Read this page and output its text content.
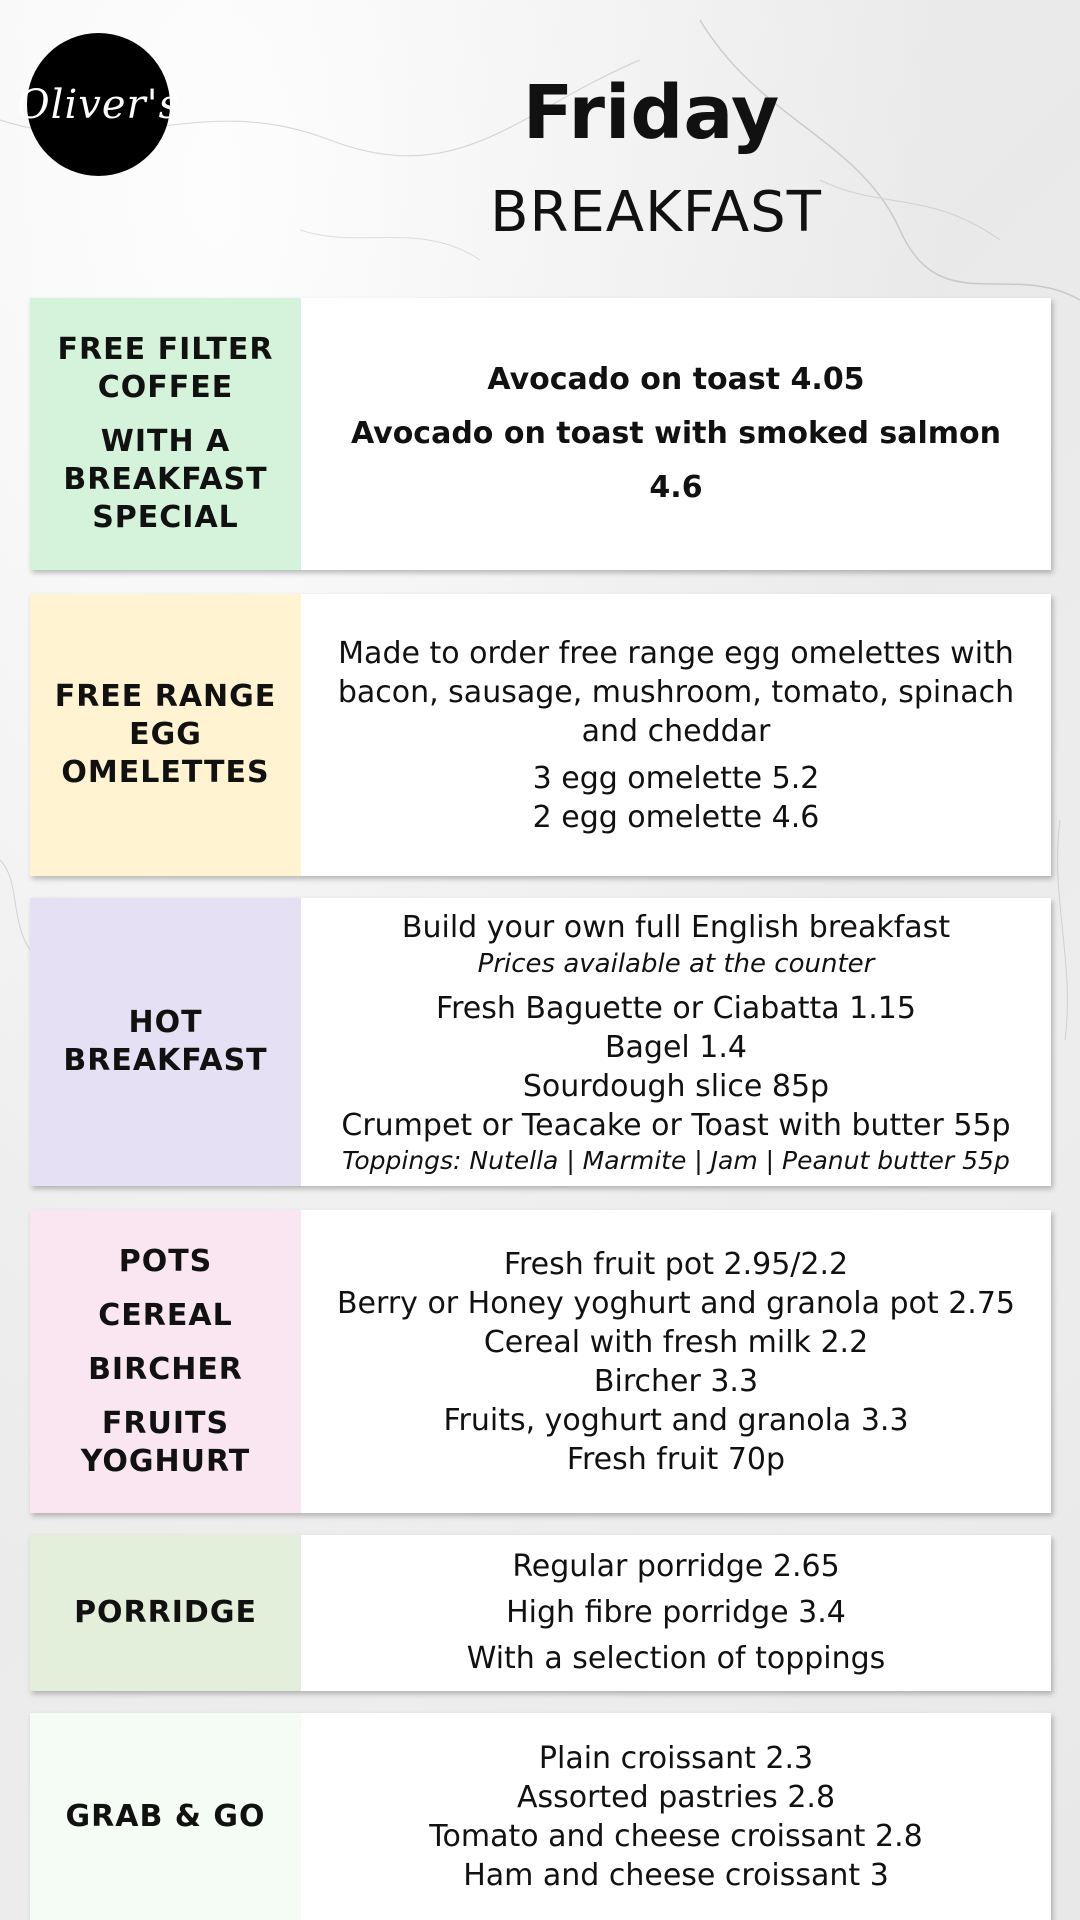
Oliver's	Friday
BREAKFAST

FREE FILTER COFFEE

WITH A BREAKFAST SPECIAL

Avocado on toast 4.05

Avocado on toast with smoked salmon 4.6

FREE RANGE EGG OMELETTES

Made to order free range egg omelettes with bacon, sausage, mushroom, tomato, spinach and cheddar

3 egg omelette 5.2

2 egg omelette 4.6

HOT BREAKFAST

Build your own full English breakfast

Prices available at the counter

Fresh Baguette or Ciabatta 1.15

Bagel 1.4

Sourdough slice 85p

Crumpet or Teacake or Toast with butter 55p

Toppings: Nutella | Marmite | Jam | Peanut butter 55p

POTS

CEREAL

BIRCHER

FRUITS YOGHURT

Fresh fruit pot 2.95/2.2

Berry or Honey yoghurt and granola pot 2.75

Cereal with fresh milk 2.2

Bircher 3.3

Fruits, yoghurt and granola 3.3

Fresh fruit 70p

PORRIDGE

Regular porridge 2.65

High fibre porridge 3.4

With a selection of toppings

GRAB & GO

Plain croissant 2.3

Assorted pastries 2.8

Tomato and cheese croissant 2.8

Ham and cheese croissant 3
